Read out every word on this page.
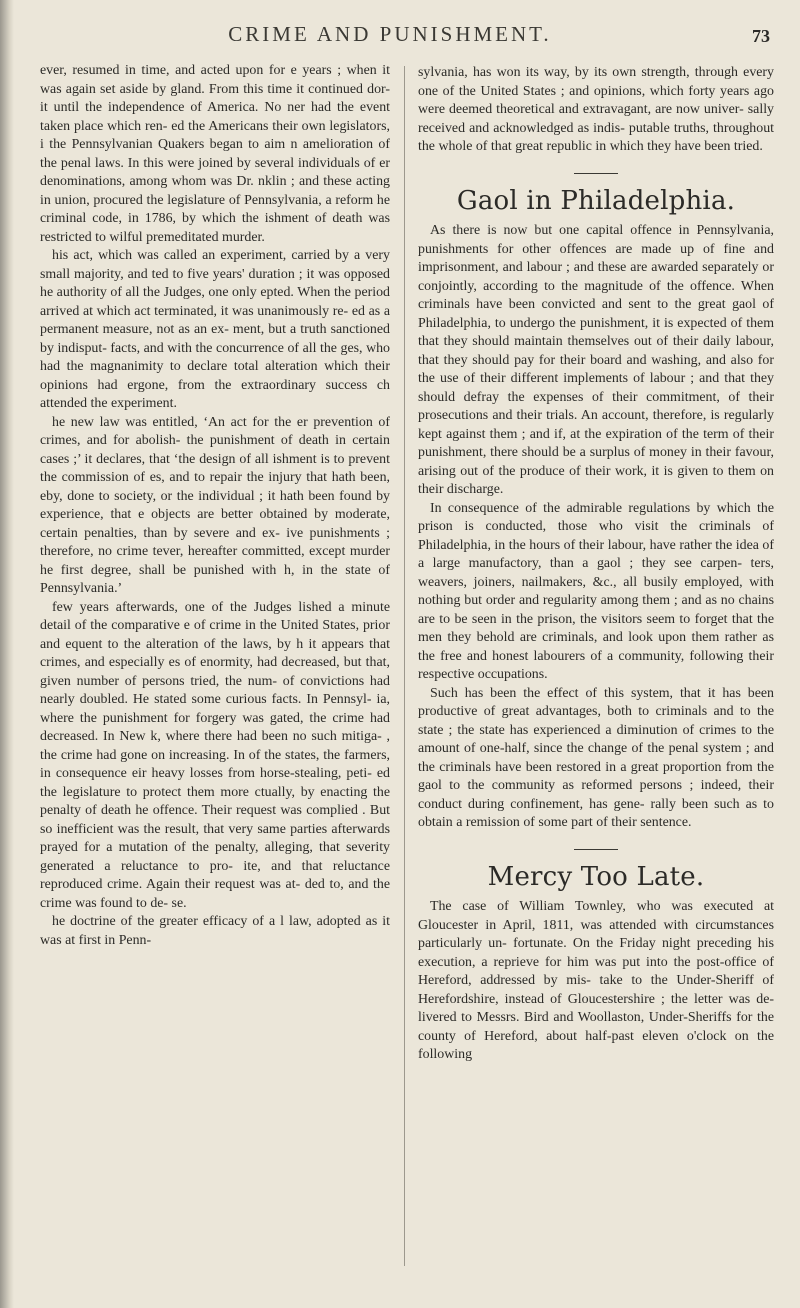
CRIME AND PUNISHMENT.	73

ever, resumed in time, and acted upon for e years ; when it was again set aside by gland. From this time it continued dor- it until the independence of America. No ner had the event taken place which ren- ed the Americans their own legislators, i the Pennsylvanian Quakers began to aim n amelioration of the penal laws. In this were joined by several individuals of er denominations, among whom was Dr. nklin ; and these acting in union, procured the legislature of Pennsylvania, a reform he criminal code, in 1786, by which the ishment of death was restricted to wilful premeditated murder.

his act, which was called an experiment, carried by a very small majority, and ted to five years' duration ; it was opposed he authority of all the Judges, one only epted. When the period arrived at which act terminated, it was unanimously re- ed as a permanent measure, not as an ex- ment, but a truth sanctioned by indisput- facts, and with the concurrence of all the ges, who had the magnanimity to declare total alteration which their opinions had ergone, from the extraordinary success ch attended the experiment.

he new law was entitled, ‘An act for the er prevention of crimes, and for abolish- the punishment of death in certain cases ;’ it declares, that ‘the design of all ishment is to prevent the commission of es, and to repair the injury that hath been, eby, done to society, or the individual ; it hath been found by experience, that e objects are better obtained by moderate, certain penalties, than by severe and ex- ive punishments ; therefore, no crime tever, hereafter committed, except murder he first degree, shall be punished with h, in the state of Pennsylvania.’

few years afterwards, one of the Judges lished a minute detail of the comparative e of crime in the United States, prior and equent to the alteration of the laws, by h it appears that crimes, and especially es of enormity, had decreased, but that, given number of persons tried, the num- of convictions had nearly doubled. He stated some curious facts. In Pennsyl- ia, where the punishment for forgery was gated, the crime had decreased. In New k, where there had been no such mitiga- , the crime had gone on increasing. In of the states, the farmers, in consequence eir heavy losses from horse-stealing, peti- ed the legislature to protect them more ctually, by enacting the penalty of death he offence. Their request was complied . But so inefficient was the result, that very same parties afterwards prayed for a mutation of the penalty, alleging, that severity generated a reluctance to pro- ite, and that reluctance reproduced crime. Again their request was at- ded to, and the crime was found to de- se.

he doctrine of the greater efficacy of a l law, adopted as it was at first in Penn-

sylvania, has won its way, by its own strength, through every one of the United States ; and opinions, which forty years ago were deemed theoretical and extravagant, are now univer- sally received and acknowledged as indis- putable truths, throughout the whole of that great republic in which they have been tried.

Gaol in Philadelphia.

As there is now but one capital offence in Pennsylvania, punishments for other offences are made up of fine and imprisonment, and labour ; and these are awarded separately or conjointly, according to the magnitude of the offence. When criminals have been convicted and sent to the great gaol of Philadelphia, to undergo the punishment, it is expected of them that they should maintain themselves out of their daily labour, that they should pay for their board and washing, and also for the use of their different implements of labour ; and that they should defray the expenses of their commitment, of their prosecutions and their trials. An account, therefore, is regularly kept against them ; and if, at the expiration of the term of their punishment, there should be a surplus of money in their favour, arising out of the produce of their work, it is given to them on their discharge.

In consequence of the admirable regulations by which the prison is conducted, those who visit the criminals of Philadelphia, in the hours of their labour, have rather the idea of a large manufactory, than a gaol ; they see carpen- ters, weavers, joiners, nailmakers, &c., all busily employed, with nothing but order and regularity among them ; and as no chains are to be seen in the prison, the visitors seem to forget that the men they behold are criminals, and look upon them rather as the free and honest labourers of a community, following their respective occupations.

Such has been the effect of this system, that it has been productive of great advantages, both to criminals and to the state ; the state has experienced a diminution of crimes to the amount of one-half, since the change of the penal system ; and the criminals have been restored in a great proportion from the gaol to the community as reformed persons ; indeed, their conduct during confinement, has gene- rally been such as to obtain a remission of some part of their sentence.

Mercy Too Late.

The case of William Townley, who was executed at Gloucester in April, 1811, was attended with circumstances particularly un- fortunate. On the Friday night preceding his execution, a reprieve for him was put into the post-office of Hereford, addressed by mis- take to the Under-Sheriff of Herefordshire, instead of Gloucestershire ; the letter was de- livered to Messrs. Bird and Woollaston, Under-Sheriffs for the county of Hereford, about half-past eleven o'clock on the following
